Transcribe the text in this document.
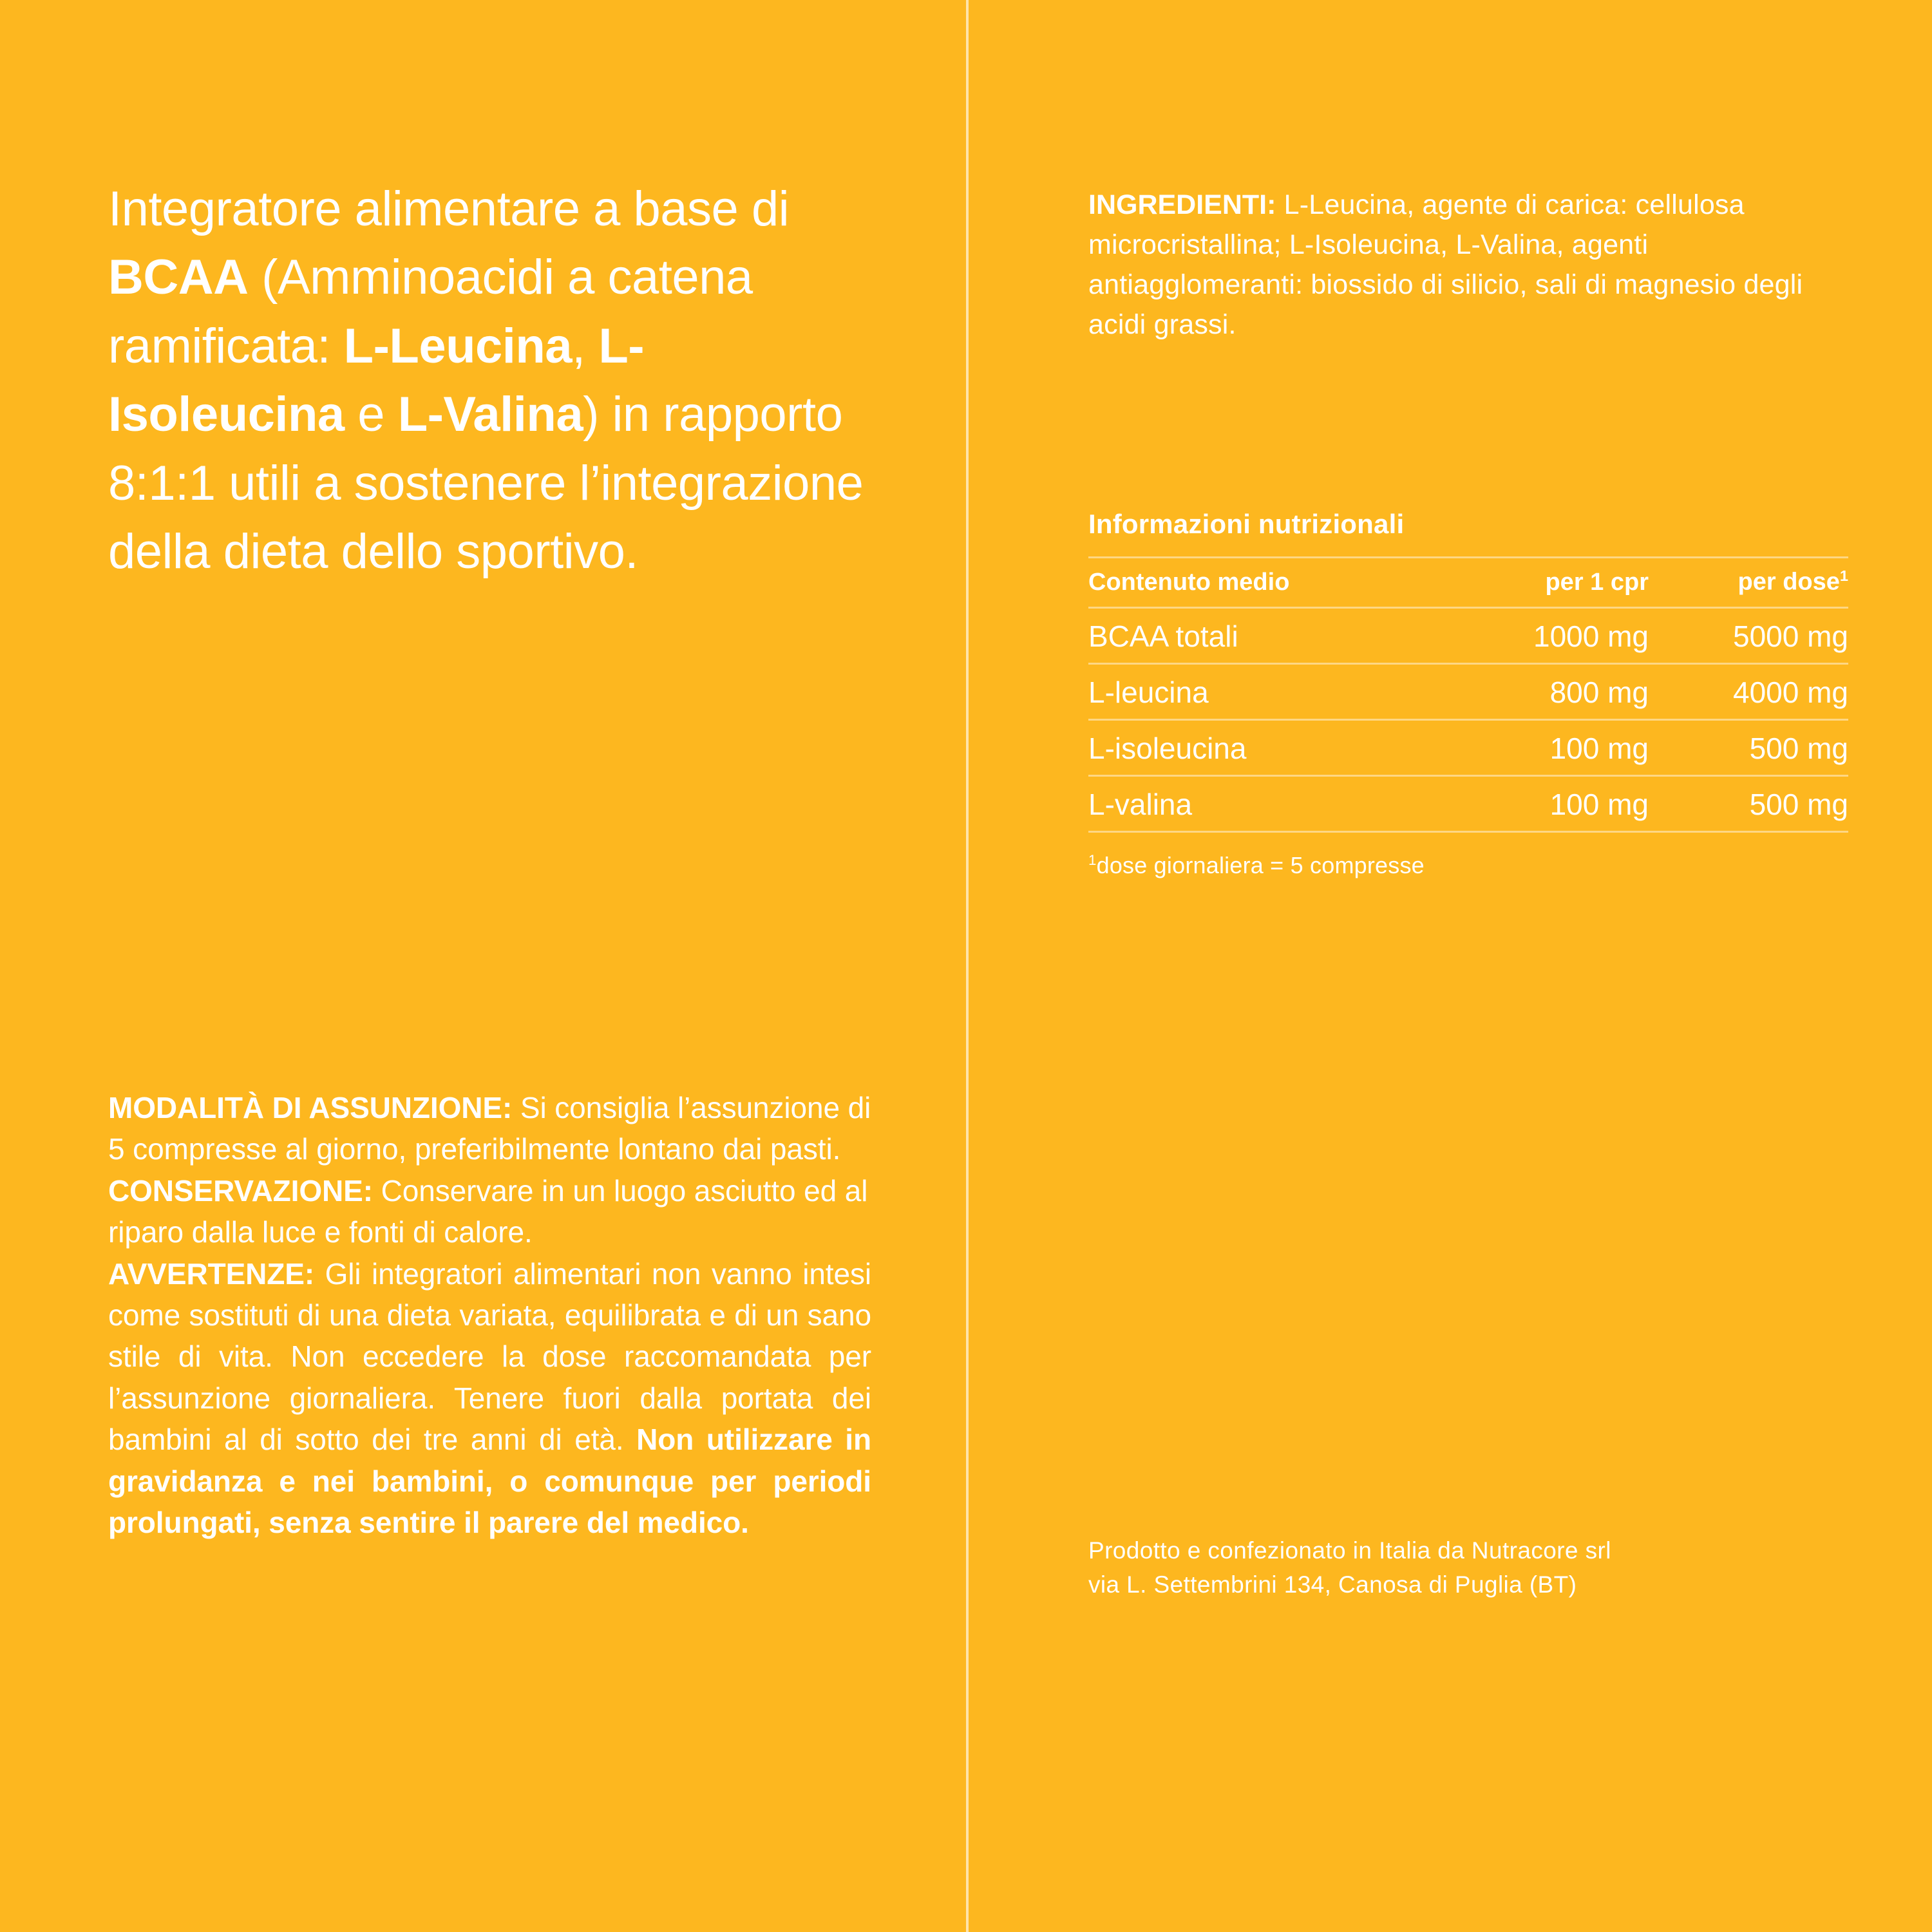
Integratore alimentare a base di BCAA (Amminoacidi a catena ramificata: L-Leucina, L-Isoleucina e L-Valina) in rapporto 8:1:1 utili a sostenere l’integrazione della dieta dello sportivo.

MODALITÀ DI ASSUNZIONE: Si consiglia l’assunzione di 5 compresse al giorno, preferibilmente lontano dai pasti.

CONSERVAZIONE: Conservare in un luogo asciutto ed al riparo dalla luce e fonti di calore.

AVVERTENZE: Gli integratori alimentari non vanno intesi come sostituti di una dieta variata, equilibrata e di un sano stile di vita. Non eccedere la dose raccomandata per l’assunzione giornaliera. Tenere fuori dalla portata dei bambini al di sotto dei tre anni di età. Non utilizzare in gravidanza e nei bambini, o comunque per periodi prolungati, senza sentire il parere del medico.

INGREDIENTI: L-Leucina, agente di carica: cellulosa microcristallina; L-Isoleucina, L-Valina, agenti antiagglomeranti: biossido di silicio, sali di magnesio degli acidi grassi.
Informazioni nutrizionali
Contenuto medio	per 1 cpr	per dose$^1$
BCAA totali	1000 mg	5000 mg
L-leucina	800 mg	4000 mg
L-isoleucina	100 mg	500 mg
L-valina	100 mg	500 mg
$^1$dose giornaliera = 5 compresse
Prodotto e confezionato in Italia da Nutracore srl
via L. Settembrini 134, Canosa di Puglia (BT)
